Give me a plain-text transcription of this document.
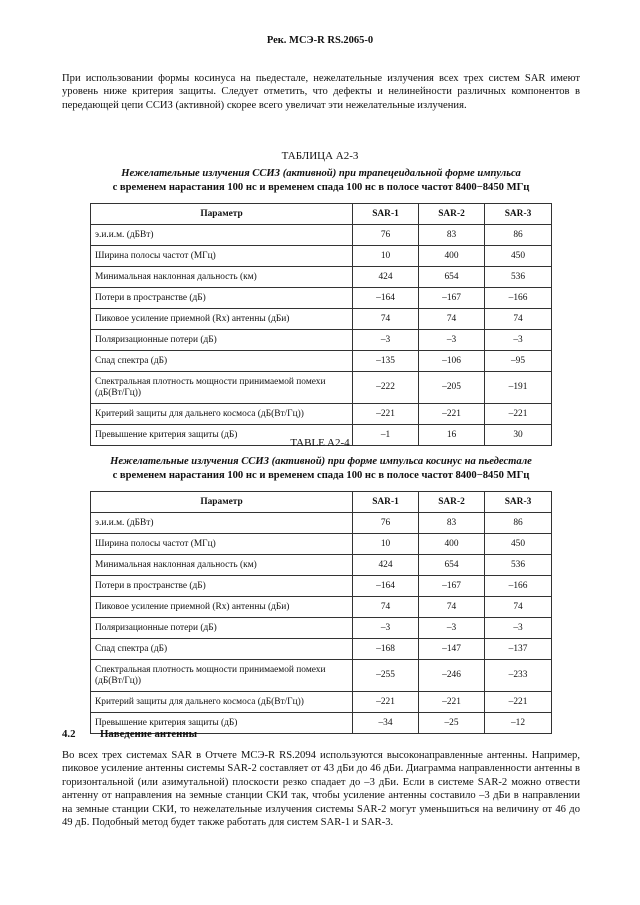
Рек. МСЭ-R RS.2065-0

При использовании формы косинуса на пьедестале, нежелательные излучения всех трех систем SAR имеют уровень ниже критерия защиты. Следует отметить, что дефекты и нелинейности различных компонентов в передающей цепи ССИЗ (активной) скорее всего увеличат эти нежелательные излучения.

ТАБЛИЦА A2-3
Нежелательные излучения ССИЗ (активной) при трапецеидальной форме импульса
с временем нарастания 100 нс и временем спада 100 нс в полосе частот 8400−8450 МГц
Параметр	SAR-1	SAR-2	SAR-3
э.и.и.м. (дБВт)	76	83	86
Ширина полосы частот (МГц)	10	400	450
Минимальная наклонная дальность (км)	424	654	536
Потери в пространстве (дБ)	–164	–167	–166
Пиковое усиление приемной (Rx) антенны (дБи)	74	74	74
Поляризационные потери (дБ)	–3	–3	–3
Спад спектра (дБ)	–135	–106	–95
Спектральная плотность мощности принимаемой помехи (дБ(Вт/Гц))	–222	–205	–191
Критерий защиты для дальнего космоса (дБ(Вт/Гц))	–221	–221	–221
Превышение критерия защиты (дБ)	–1	16	30
TABLE A2-4
Нежелательные излучения ССИЗ (активной) при форме импульса косинус на пьедестале
с временем нарастания 100 нс и временем спада 100 нс в полосе частот 8400−8450 МГц
Параметр	SAR-1	SAR-2	SAR-3
э.и.и.м. (дБВт)	76	83	86
Ширина полосы частот (МГц)	10	400	450
Минимальная наклонная дальность (км)	424	654	536
Потери в пространстве (дБ)	–164	–167	–166
Пиковое усиление приемной (Rx) антенны (дБи)	74	74	74
Поляризационные потери (дБ)	–3	–3	–3
Спад спектра (дБ)	–168	–147	–137
Спектральная плотность мощности принимаемой помехи (дБ(Вт/Гц))	–255	–246	–233
Критерий защиты для дальнего космоса (дБ(Вт/Гц))	–221	–221	–221
Превышение критерия защиты (дБ)	–34	–25	–12
4.2 Наведение антенны

Во всех трех системах SAR в Отчете МСЭ-R RS.2094 используются высоконаправленные антенны. Например, пиковое усиление антенны системы SAR-2 составляет от 43 дБи до 46 дБи. Диаграмма направленности антенны в горизонтальной (или азимутальной) плоскости резко спадает до –3 дБи. Если в системе SAR-2 можно отвести антенну от направления на земные станции СКИ так, чтобы усиление антенны составило –3 дБи в направлении на земные станции СКИ, то нежелательные излучения системы SAR-2 могут уменьшиться на величину от 46 до 49 дБ. Подобный метод будет также работать для систем SAR-1 и SAR-3.
